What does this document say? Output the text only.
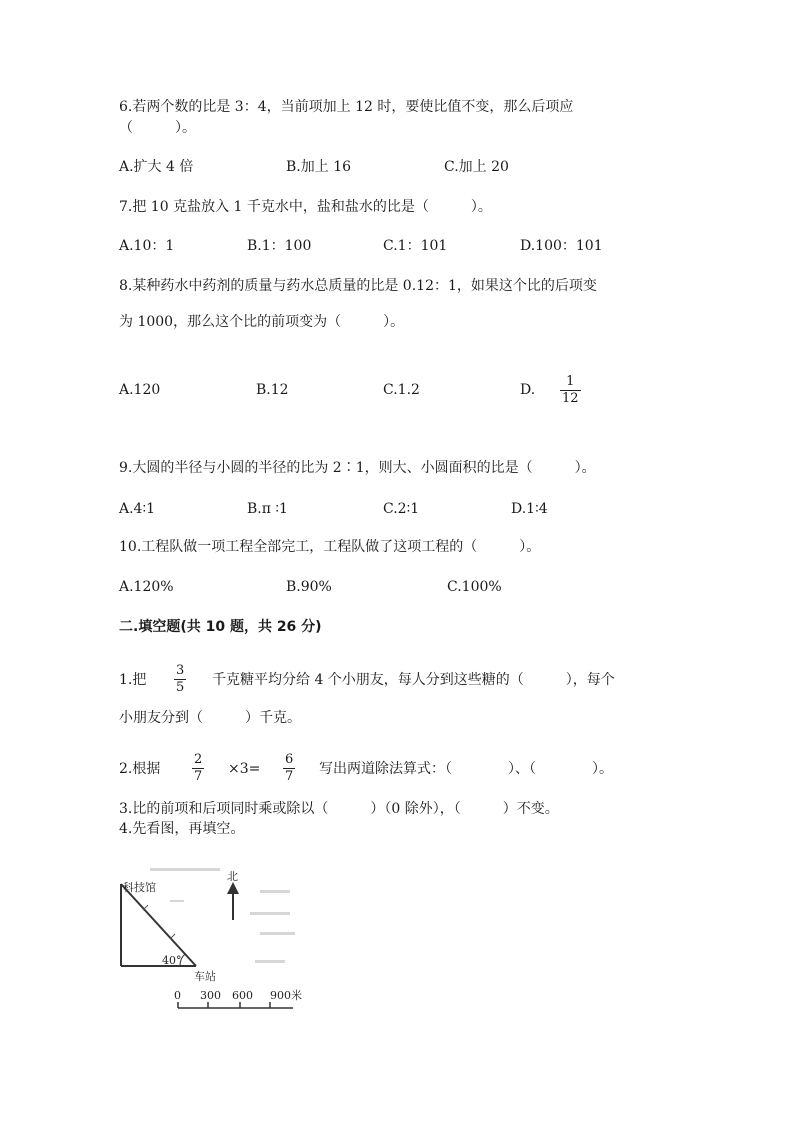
6.若两个数的比是 3：4，当前项加上 12 时，要使比值不变，那么后项应
（　　　）。
A.扩大 4 倍	B.加上 16	C.加上 20
7.把 10 克盐放入 1 千克水中，盐和盐水的比是（　　　）。
A.10：1	B.1：100	C.1：101	D.100：101
8.某种药水中药剂的质量与药水总质量的比是 0.12：1，如果这个比的后项变
为 1000，那么这个比的前项变为（　　　）。
A.120	B.12	C.1.2	D.
1
12
9.大圆的半径与小圆的半径的比为 2∶1，则大、小圆面积的比是（　　　）。
A.4∶1	B.π ∶1	C.2∶1	D.1∶4
10.工程队做一项工程全部完工，工程队做了这项工程的（　　　）。
A.120%	B.90%	C.100%
二.填空题(共 10 题，共 26 分)
1.把
3
5 千克糖平均分给 4 个小朋友，每人分到这些糖的（　　　），每个
小朋友分到（　　　）千克。
2.根据
2
7 ×3=
6
7 写出两道除法算式：（　　　　）、（　　　　）。
3.比的前项和后项同时乘或除以（　　　）（0 除外），（　　　）不变。
4.先看图，再填空。
40°
科技馆
车站
北
0 300 600 900米
